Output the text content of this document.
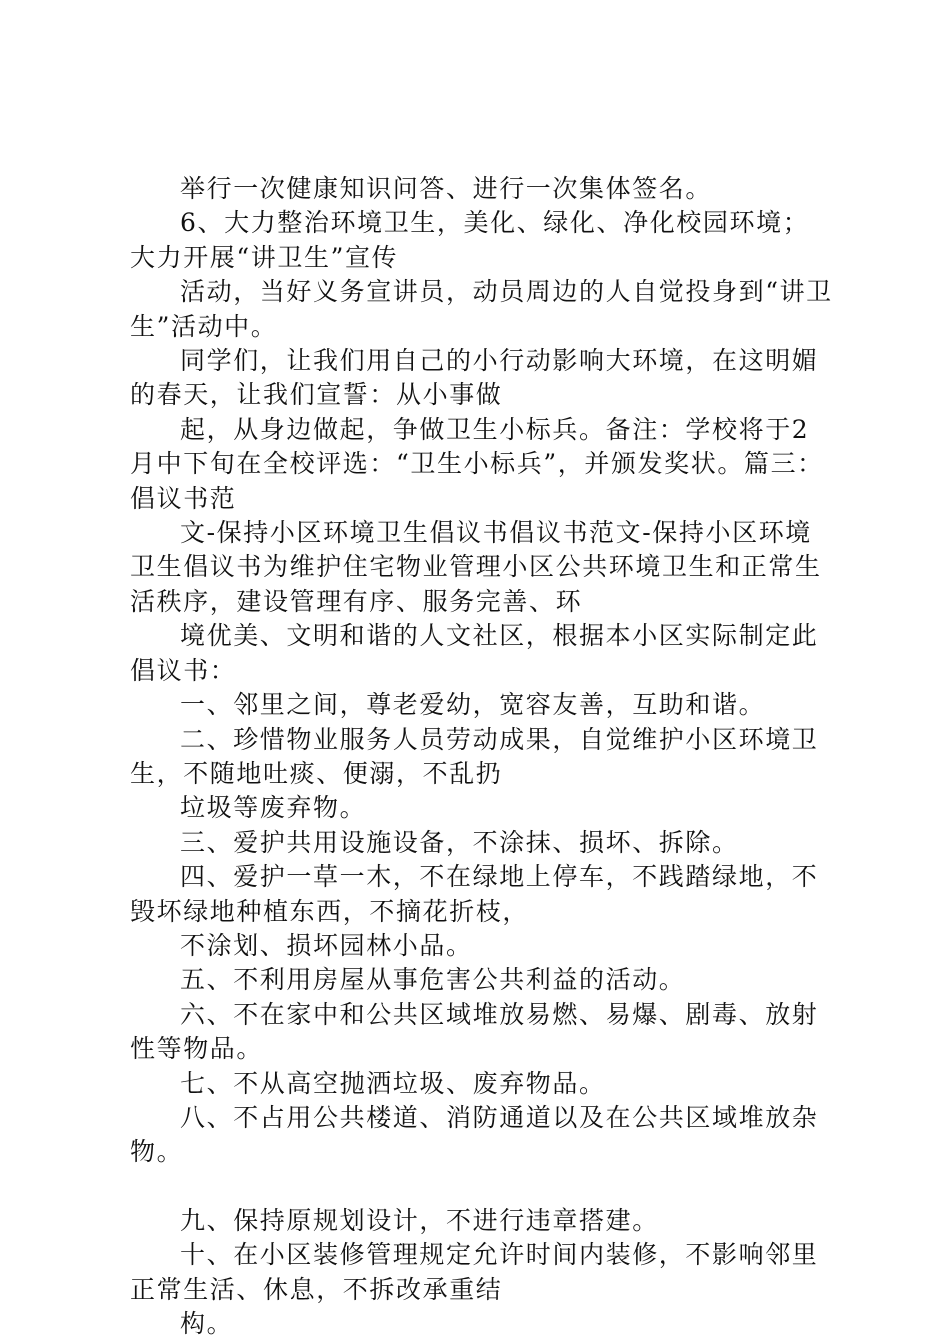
举行一次健康知识问答、进行一次集体签名。

6、大力整治环境卫生，美化、绿化、净化校园环境；大力开展“讲卫生”宣传

活动，当好义务宣讲员，动员周边的人自觉投身到“讲卫生”活动中。

同学们，让我们用自己的小行动影响大环境，在这明媚的春天，让我们宣誓：从小事做

起，从身边做起，争做卫生小标兵。备注：学校将于2月中下旬在全校评选：“卫生小标兵”，并颁发奖状。篇三：倡议书范

文-保持小区环境卫生倡议书倡议书范文-保持小区环境卫生倡议书为维护住宅物业管理小区公共环境卫生和正常生活秩序，建设管理有序、服务完善、环

境优美、文明和谐的人文社区，根据本小区实际制定此倡议书：

一、邻里之间，尊老爱幼，宽容友善，互助和谐。

二、珍惜物业服务人员劳动成果，自觉维护小区环境卫生，不随地吐痰、便溺，不乱扔

垃圾等废弃物。

三、爱护共用设施设备，不涂抹、损坏、拆除。

四、爱护一草一木，不在绿地上停车，不践踏绿地，不毁坏绿地种植东西，不摘花折枝，

不涂划、损坏园林小品。

五、不利用房屋从事危害公共利益的活动。

六、不在家中和公共区域堆放易燃、易爆、剧毒、放射性等物品。

七、不从高空抛洒垃圾、废弃物品。

八、不占用公共楼道、消防通道以及在公共区域堆放杂物。

九、保持原规划设计，不进行违章搭建。

十、在小区装修管理规定允许时间内装修，不影响邻里正常生活、休息，不拆改承重结

构。
